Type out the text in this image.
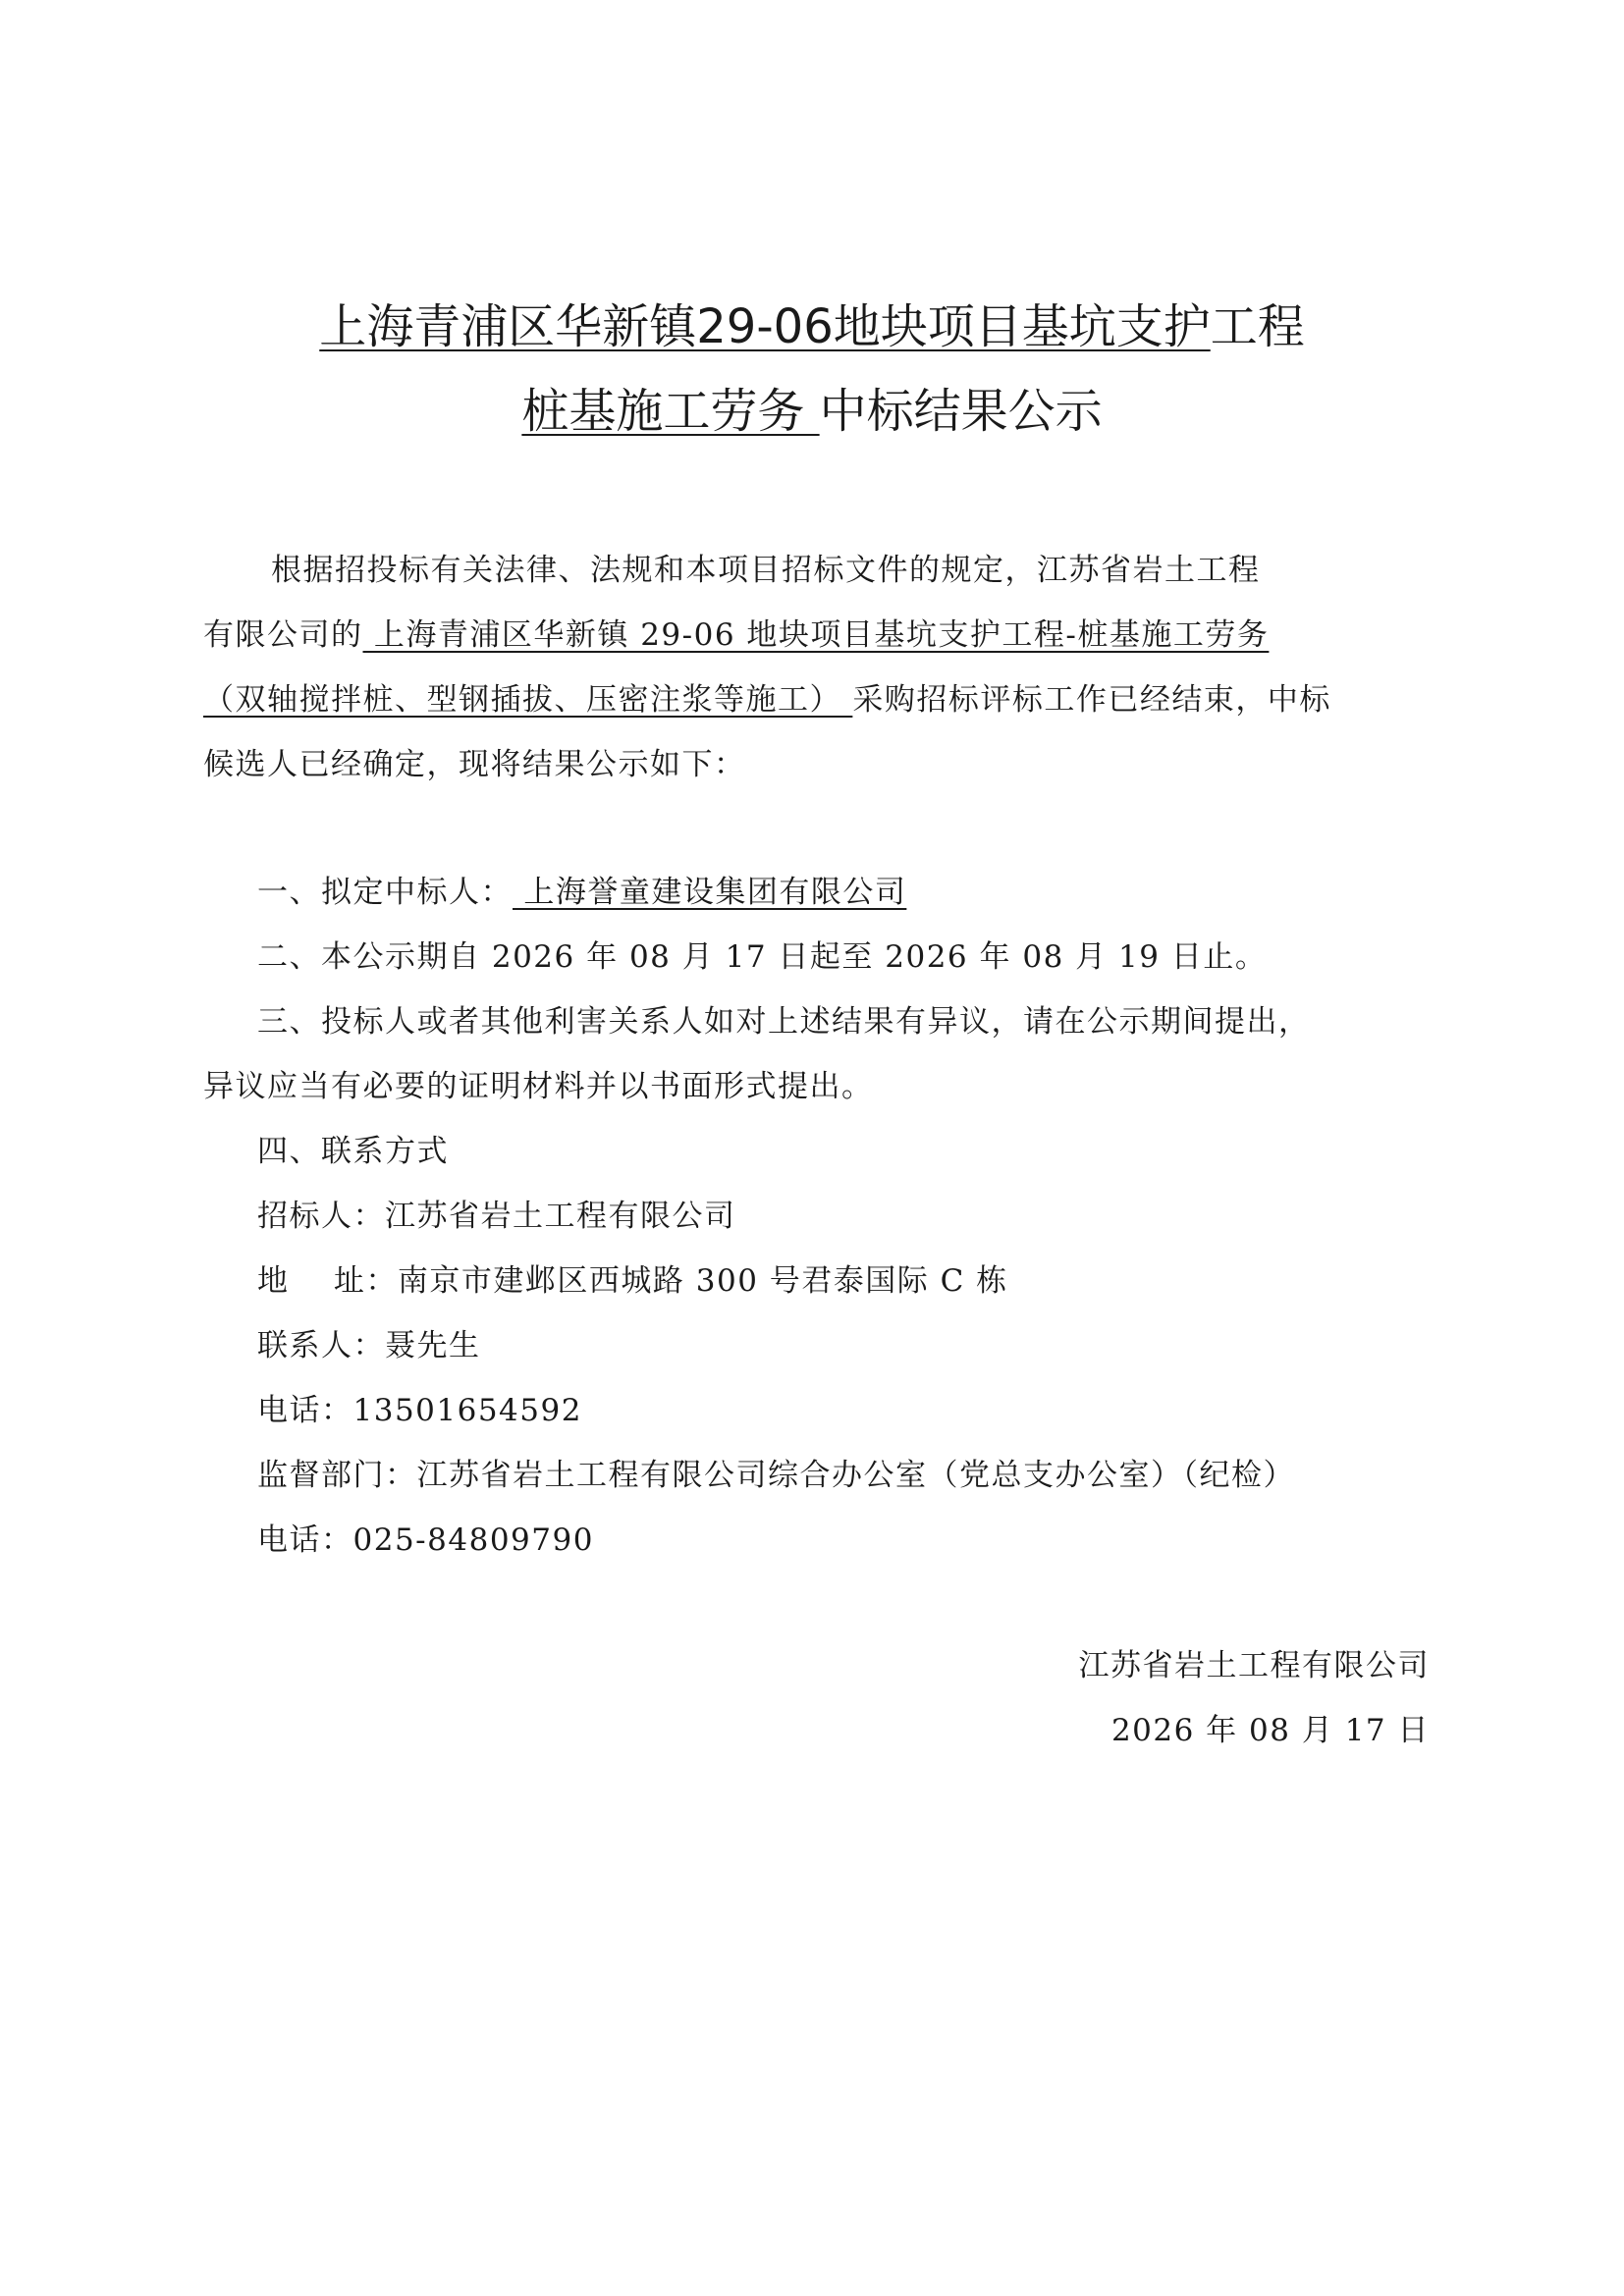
上海青浦区华新镇29-06地块项目基坑支护工程
桩基施工劳务 中标结果公示
根据招投标有关法律、法规和本项目招标文件的规定，江苏省岩土工程
有限公司的 上海青浦区华新镇 29-06 地块项目基坑支护工程-桩基施工劳务
（双轴搅拌桩、型钢插拔、压密注浆等施工） 采购招标评标工作已经结束，中标
候选人已经确定，现将结果公示如下：
一、拟定中标人： 上海誉童建设集团有限公司
二、本公示期自 2026 年 08 月 17 日起至 2026 年 08 月 19 日止。
三、投标人或者其他利害关系人如对上述结果有异议，请在公示期间提出，
异议应当有必要的证明材料并以书面形式提出。
四、联系方式
招标人：江苏省岩土工程有限公司
地    址：南京市建邺区西城路 300 号君泰国际 C 栋
联系人：聂先生
电话：13501654592
监督部门：江苏省岩土工程有限公司综合办公室（党总支办公室）（纪检）
电话：025-84809790
江苏省岩土工程有限公司
2026 年 08 月 17 日
